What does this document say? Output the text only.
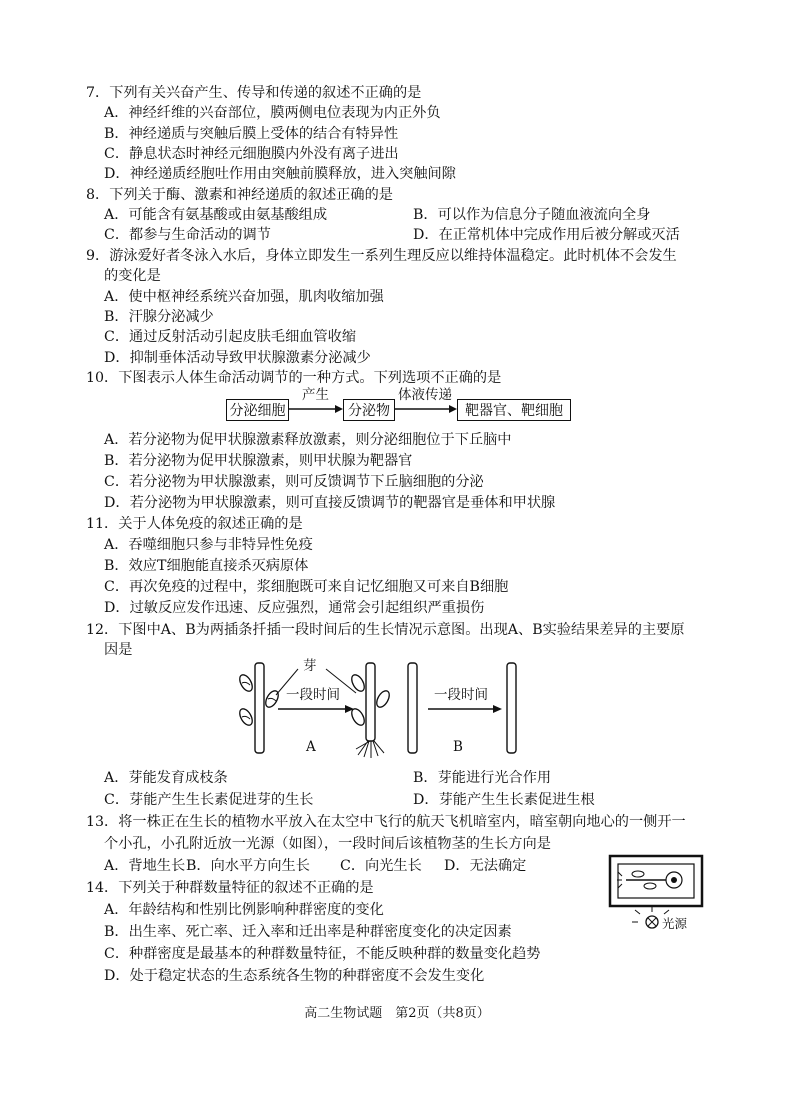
7．下列有关兴奋产生、传导和传递的叙述不正确的是
A．神经纤维的兴奋部位，膜两侧电位表现为内正外负
B．神经递质与突触后膜上受体的结合有特异性
C．静息状态时神经元细胞膜内外没有离子进出
D．神经递质经胞吐作用由突触前膜释放，进入突触间隙
8．下列关于酶、激素和神经递质的叙述正确的是
A．可能含有氨基酸或由氨基酸组成	B．可以作为信息分子随血液流向全身
C．都参与生命活动的调节	D．在正常机体中完成作用后被分解或灭活
9．游泳爱好者冬泳入水后，身体立即发生一系列生理反应以维持体温稳定。此时机体不会发生
的变化是
A．使中枢神经系统兴奋加强，肌肉收缩加强
B．汗腺分泌减少
C．通过反射活动引起皮肤毛细血管收缩
D．抑制垂体活动导致甲状腺激素分泌减少
10．下图表示人体生命活动调节的一种方式。下列选项不正确的是
分泌细胞
产生
分泌物
体液传递
靶器官、靶细胞
A．若分泌物为促甲状腺激素释放激素，则分泌细胞位于下丘脑中
B．若分泌物为促甲状腺激素，则甲状腺为靶器官
C．若分泌物为甲状腺激素，则可反馈调节下丘脑细胞的分泌
D．若分泌物为甲状腺激素，则可直接反馈调节的靶器官是垂体和甲状腺
11．关于人体免疫的叙述正确的是
A．吞噬细胞只参与非特异性免疫
B．效应T细胞能直接杀灭病原体
C．再次免疫的过程中，浆细胞既可来自记忆细胞又可来自B细胞
D．过敏反应发作迅速、反应强烈，通常会引起组织严重损伤
12．下图中A、B为两插条扦插一段时间后的生长情况示意图。出现A、B实验结果差异的主要原
因是
芽
一段时间	一段时间
A	B
A．芽能发育成枝条	B．芽能进行光合作用
C．芽能产生生长素促进芽的生长	D．芽能产生生长素促进生根
13．将一株正在生长的植物水平放入在太空中飞行的航天飞机暗室内，暗室朝向地心的一侧开一
个小孔，小孔附近放一光源（如图），一段时间后该植物茎的生长方向是
A．背地生长 B．向水平方向生长 C．向光生长 D．无法确定
光源
14．下列关于种群数量特征的叙述不正确的是
A．年龄结构和性别比例影响种群密度的变化
B．出生率、死亡率、迁入率和迁出率是种群密度变化的决定因素
C．种群密度是最基本的种群数量特征，不能反映种群的数量变化趋势
D．处于稳定状态的生态系统各生物的种群密度不会发生变化
高二生物试题　第2页（共8页）
